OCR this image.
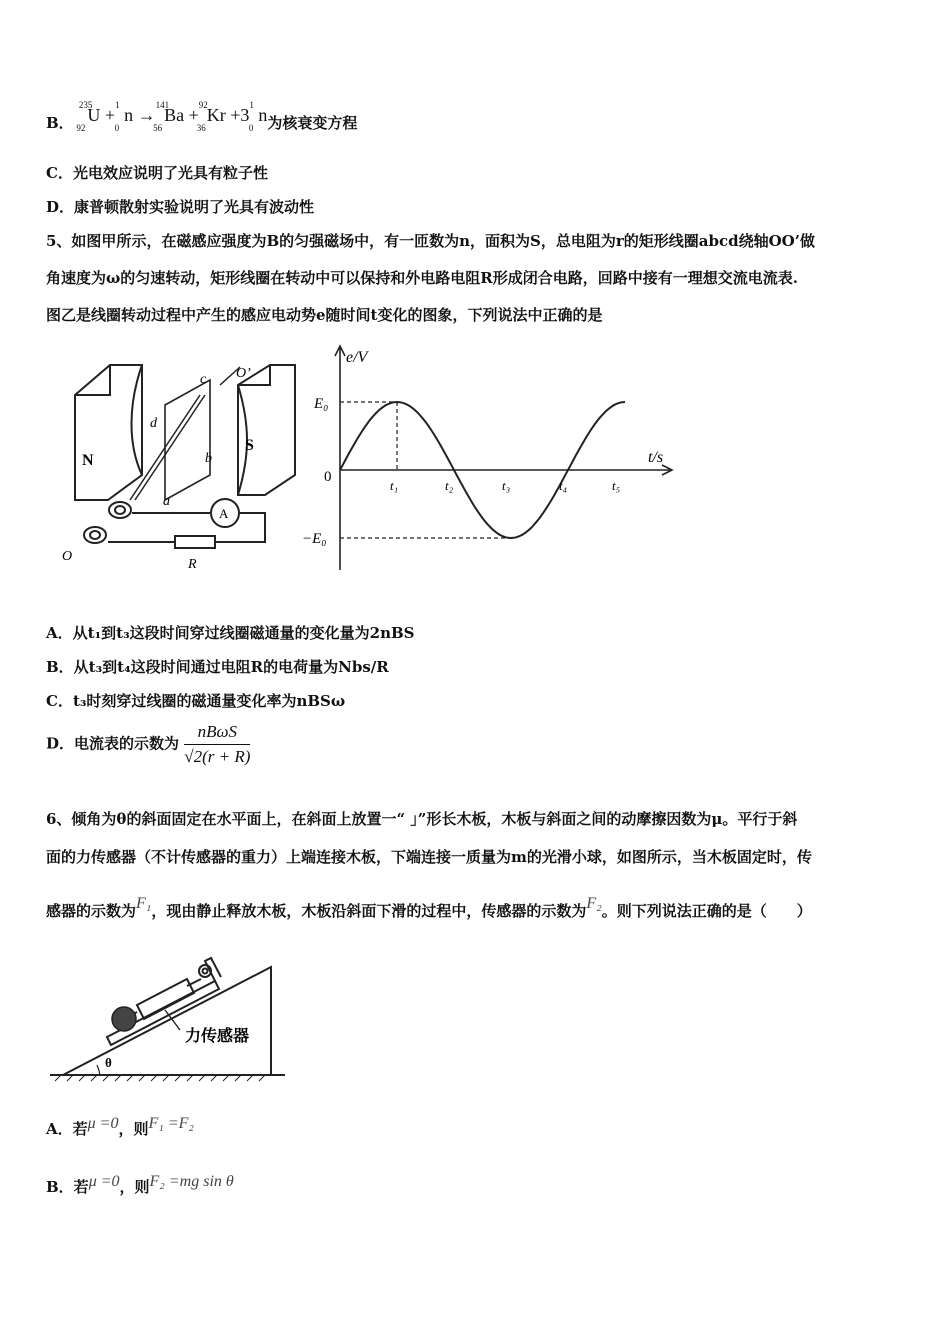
B． $^{235}_{92}U +^1_0n \to^{141}_{56}Ba +^{92}_{36}Kr +3^1_0n$为核衰变方程
C．光电效应说明了光具有粒子性
D．康普顿散射实验说明了光具有波动性
5、如图甲所示，在磁感应强度为B的匀强磁场中，有一匝数为n，面积为S，总电阻为r的矩形线圈abcd绕轴OO’做
角速度为ω的匀速转动，矩形线圈在转动中可以保持和外电路电阻R形成闭合电路，回路中接有一理想交流电流表.
图乙是线圈转动过程中产生的感应电动势e随时间t变化的图象，下列说法中正确的是
N
S
d
c
b
a
O’
O
A
R
e/V
t/s
E₀
−E₀
0
t₁	t₂	t₃	t₄	t₅
A．从t₁到t₃这段时间穿过线圈磁通量的变化量为2nBS
B．从t₃到t₄这段时间通过电阻R的电荷量为Nbs/R
C．t₃时刻穿过线圈的磁通量变化率为nBSω
D．电流表的示数为 $\frac{\text{nBωS}}{√2(r + R)}$
6、倾角为θ的斜面固定在水平面上，在斜面上放置一“ 」”形长木板，木板与斜面之间的动摩擦因数为μ。平行于斜
面的力传感器（不计传感器的重力）上端连接木板，下端连接一质量为m的光滑小球，如图所示，当木板固定时，传
感器的示数为F₁，现由静止释放木板，木板沿斜面下滑的过程中，传感器的示数为F₂。则下列说法正确的是（　　）
力传感器
θ
A．若μ =0，则F₁ =F₂
B．若μ =0，则F₂ =mg sin θ
